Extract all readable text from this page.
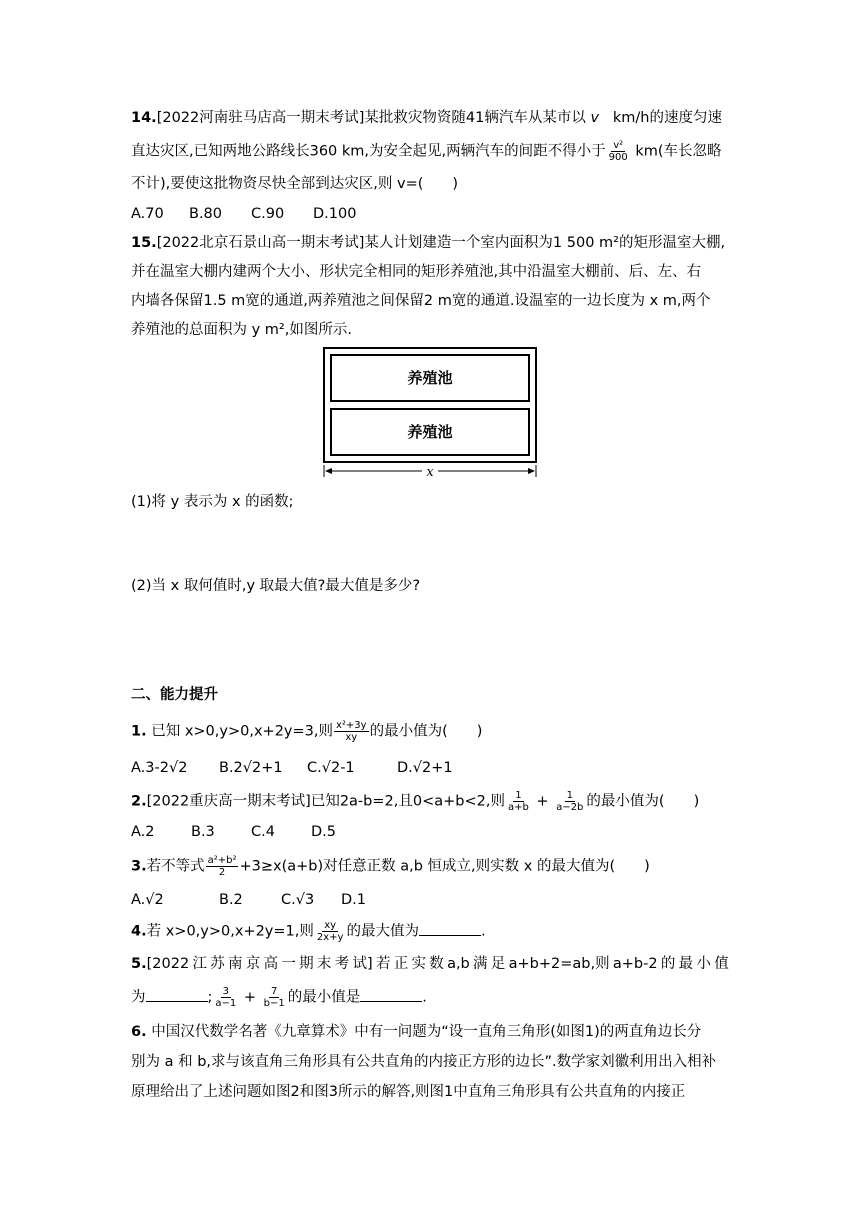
14.[2022河南驻马店高一期末考试]某批救灾物资随41辆汽车从某市以 v km/h的速度匀速
直达灾区,已知两地公路线长360 km,为安全起见,两辆汽车的间距不得小于 $\frac{\text{v²}}{900} km$(车长忽略
不计),要使这批物资尽快全部到达灾区,则 v=(　　)
A.70 B.80 C.90 D.100
15.[2022北京石景山高一期末考试]某人计划建造一个室内面积为1 500 m²的矩形温室大棚,
并在温室大棚内建两个大小、形状完全相同的矩形养殖池,其中沿温室大棚前、后、左、右
内墙各保留1.5 m宽的通道,两养殖池之间保留2 m宽的通道.设温室的一边长度为 x m,两个
养殖池的总面积为 y m²,如图所示.
养殖池
养殖池
x
(1)将 y 表示为 x 的函数;
(2)当 x 取何值时,y 取最大值?最大值是多少?
二、能力提升
1. 已知 x>0,y>0,x+2y=3,则 $\frac{\text{x²+3y}}{xy}$ 的最小值为(　　)
A.3-2√2 B.2√2+1 C.√2-1	D.√2+1
2.[2022重庆高一期末考试]已知2a-b=2,且0<a+b<2,则 $\frac{1}{a+b} + \frac{1}{a-2b}$ 的最小值为(　　)
A.2	B.3 C.4 D.5
3.若不等式 $\frac{\text{a²+b²}}{2} +3\ge x(a+b)$对任意正数 a,b 恒成立,则实数 x 的最大值为(　　)
A.√2	B.2	C.√3 D.1
4.若 x>0,y>0,x+2y=1,则 $\frac{xy}{2x+y}$ 的最大值为	.
5.[2022 江 苏 南 京 高 一 期 末 考 试] 若 正 实 数 a,b 满 足 a+b+2=ab,则 a+b-2 的 最 小 值
为	; $\frac{3}{a-1} + \frac{7}{b-1}$ 的最小值是	.
6. 中国汉代数学名著《九章算术》中有一问题为“设一直角三角形(如图1)的两直角边长分
别为 a 和 b,求与该直角三角形具有公共直角的内接正方形的边长”.数学家刘徽利用出入相补
原理给出了上述问题如图2和图3所示的解答,则图1中直角三角形具有公共直角的内接正
